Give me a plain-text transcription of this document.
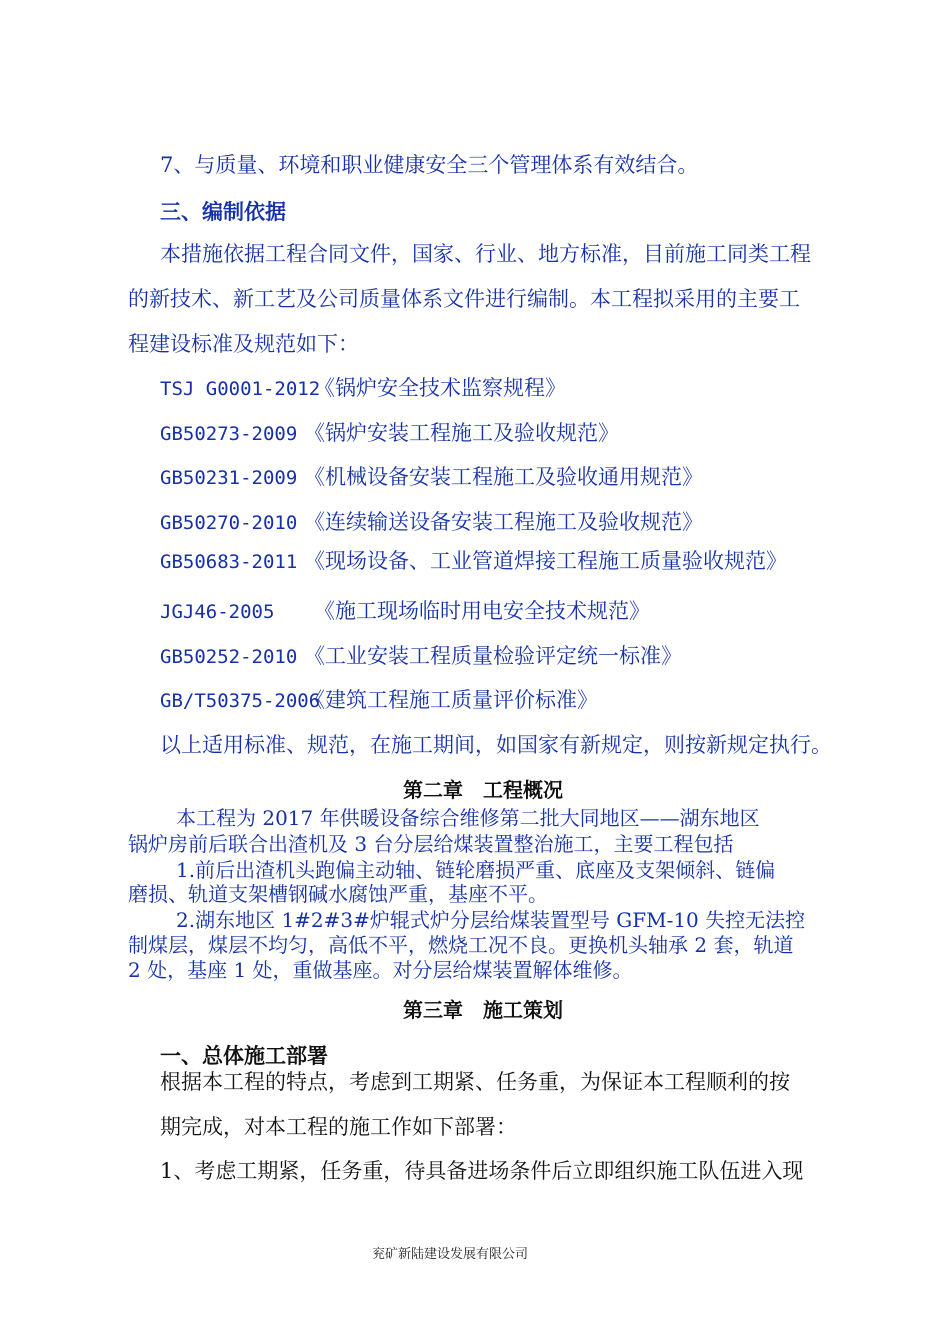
7、与质量、环境和职业健康安全三个管理体系有效结合。
三、编制依据
本措施依据工程合同文件，国家、行业、地方标准，目前施工同类工程
的新技术、新工艺及公司质量体系文件进行编制。本工程拟采用的主要工
程建设标准及规范如下：
TSJ G0001-2012《锅炉安全技术监察规程》
GB50273-2009 《锅炉安装工程施工及验收规范》
GB50231-2009 《机械设备安装工程施工及验收通用规范》
GB50270-2010 《连续输送设备安装工程施工及验收规范》
GB50683-2011 《现场设备、工业管道焊接工程施工质量验收规范》
JGJ46-2005 《施工现场临时用电安全技术规范》
GB50252-2010 《工业安装工程质量检验评定统一标准》
GB/T50375-2006《建筑工程施工质量评价标准》
以上适用标准、规范，在施工期间，如国家有新规定，则按新规定执行。
第二章　工程概况
本工程为 2017 年供暖设备综合维修第二批大同地区——湖东地区
锅炉房前后联合出渣机及 3 台分层给煤装置整治施工，主要工程包括
1.前后出渣机头跑偏主动轴、链轮磨损严重、底座及支架倾斜、链偏
磨损、轨道支架槽钢碱水腐蚀严重，基座不平。
2.湖东地区 1#2#3#炉辊式炉分层给煤装置型号 GFM-10 失控无法控
制煤层，煤层不均匀，高低不平，燃烧工况不良。更换机头轴承 2 套，轨道
2 处，基座 1 处，重做基座。对分层给煤装置解体维修。
第三章　施工策划
一、总体施工部署
根据本工程的特点，考虑到工期紧、任务重，为保证本工程顺利的按
期完成，对本工程的施工作如下部署：
1、考虑工期紧，任务重，待具备进场条件后立即组织施工队伍进入现
兖矿新陆建设发展有限公司
